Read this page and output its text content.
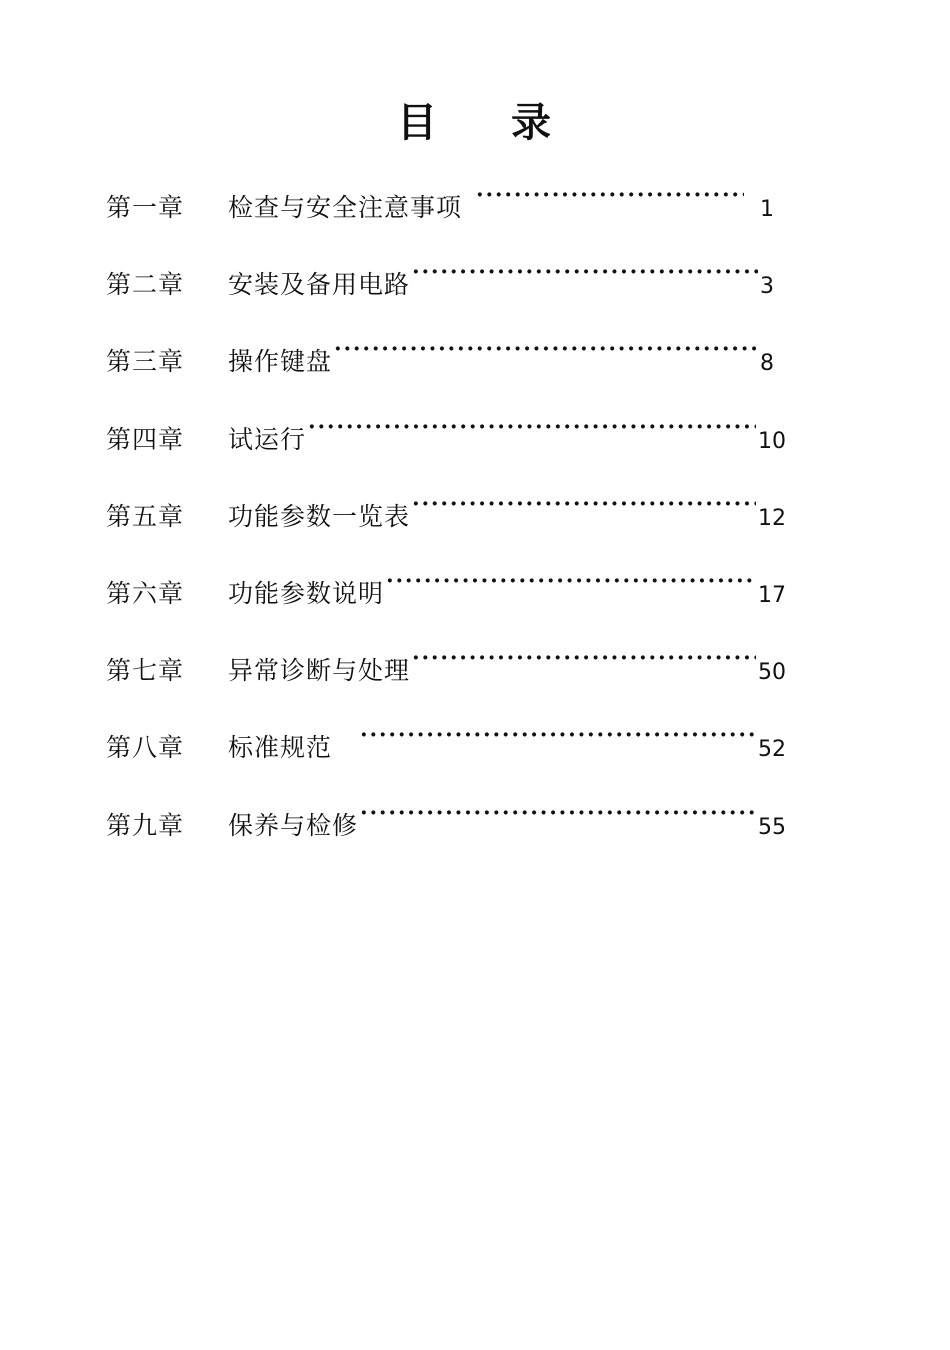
目 录
第一章	检查与安全注意事项 ·····	1
第二章	安装及备用电路 ·····	3
第三章	操作键盘 ·····	8
第四章	试运行 ·····	10
第五章	功能参数一览表 ·····	12
第六章	功能参数说明 ·····	17
第七章	异常诊断与处理 ·····	50
第八章	标准规范 ·····	52
第九章	保养与检修 ·····	55
